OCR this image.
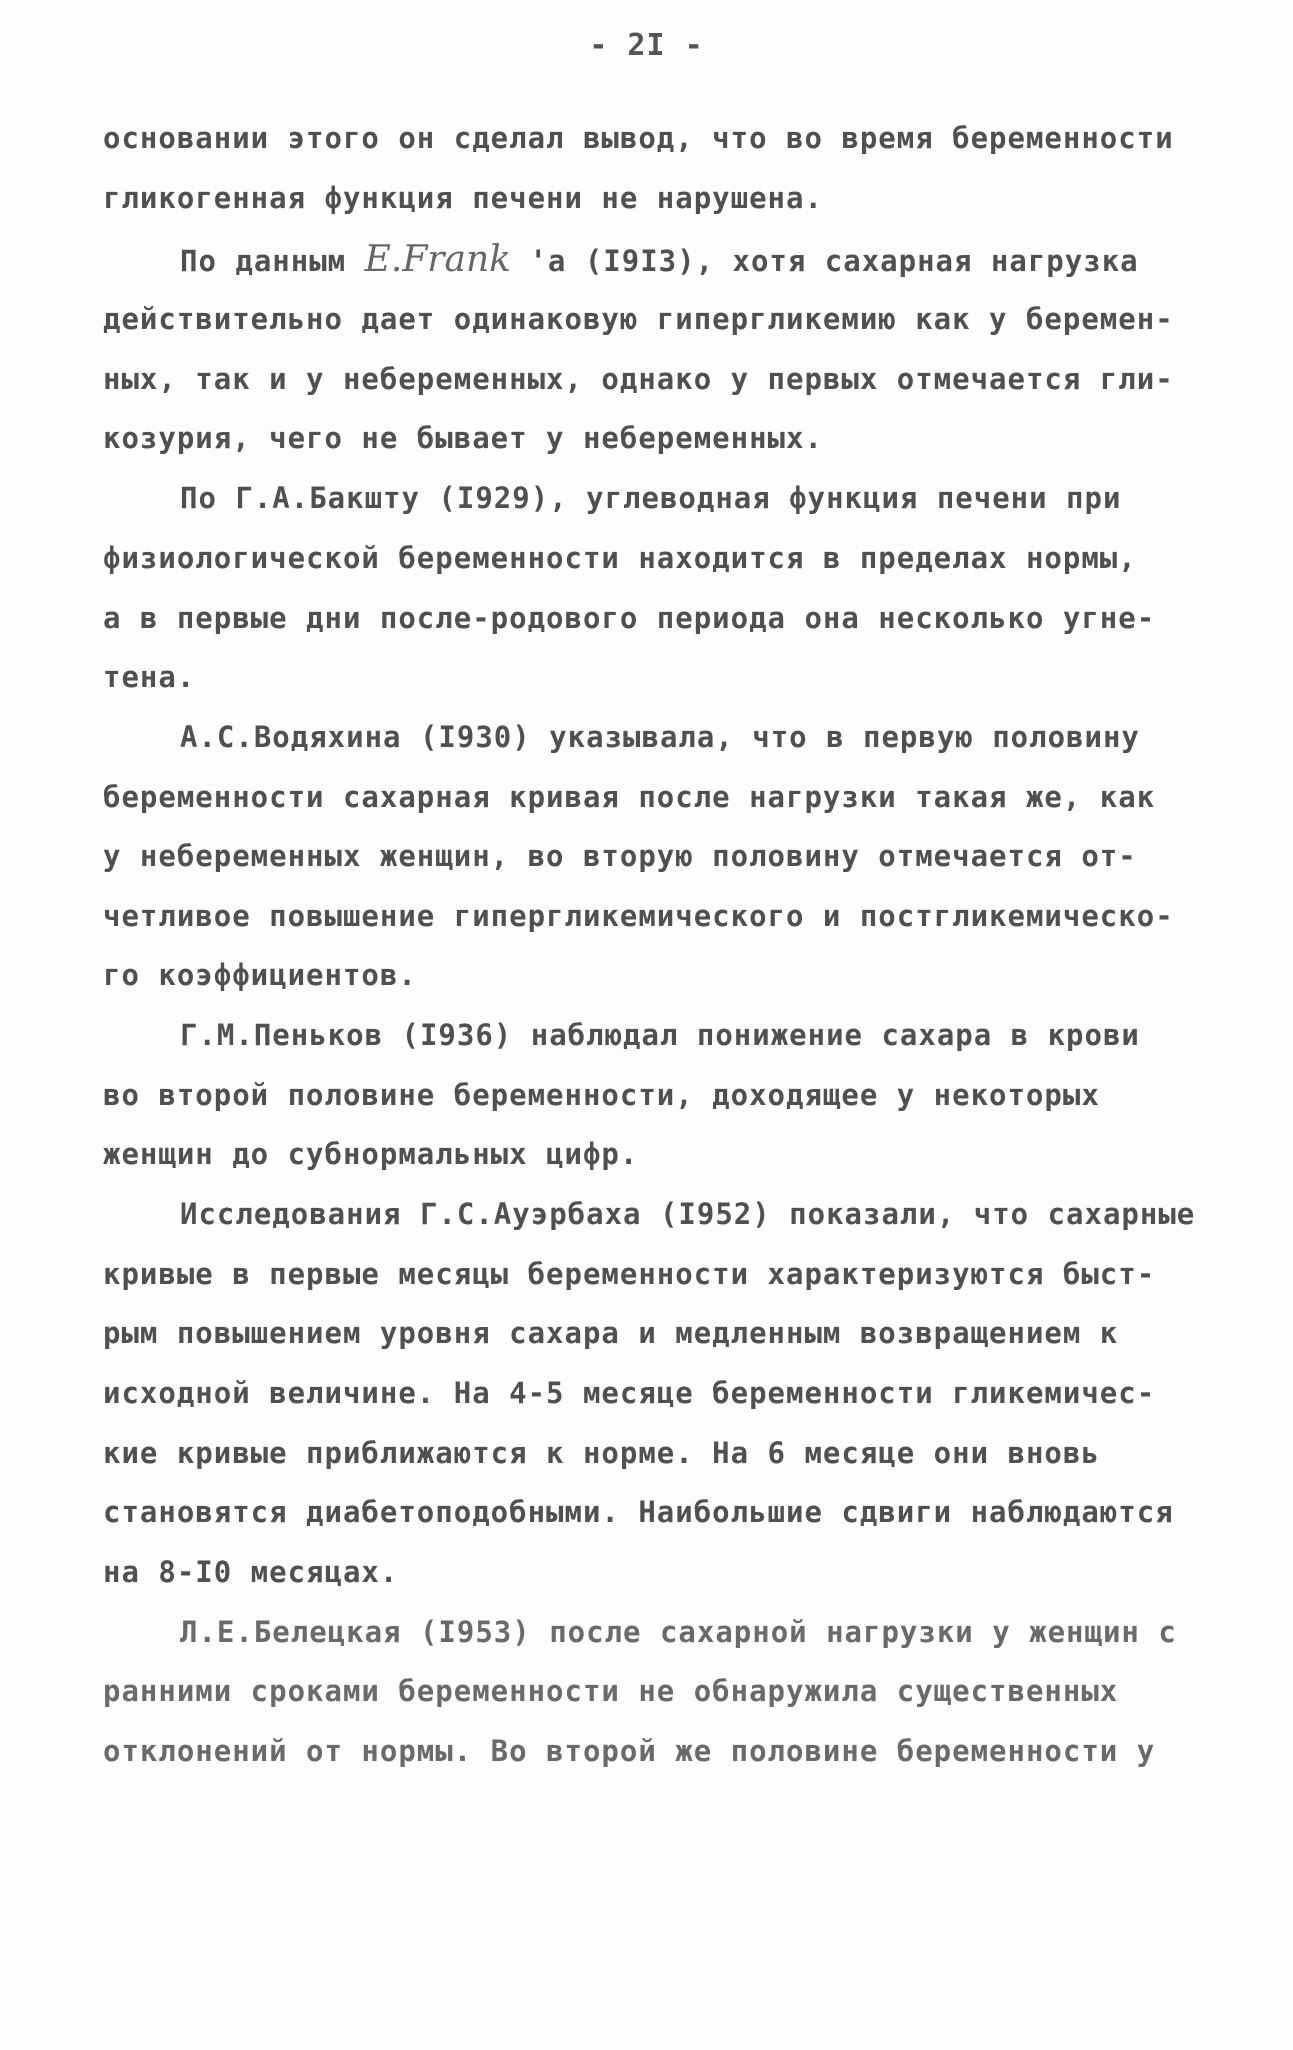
- 2I -
основании этого он сделал вывод, что во время беременности
гликогенная функция печени не нарушена.
По данным E.Frank 'а (I9I3), хотя сахарная нагрузка
действительно дает одинаковую гипергликемию как у беремен-
ных, так и у небеременных, однако у первых отмечается гли-
козурия, чего не бывает у небеременных.
По Г.А.Бакшту (I929), углеводная функция печени при
физиологической беременности находится в пределах нормы,
а в первые дни после-родового периода она несколько угне-
тена.
А.С.Водяхина (I930) указывала, что в первую половину
беременности сахарная кривая после нагрузки такая же, как
у небеременных женщин, во вторую половину отмечается от-
четливое повышение гипергликемического и постгликемическо-
го коэффициентов.
Г.М.Пеньков (I936) наблюдал понижение сахара в крови
во второй половине беременности, доходящее у некоторых
женщин до субнормальных цифр.
Исследования Г.С.Ауэрбаха (I952) показали, что сахарные
кривые в первые месяцы беременности характеризуются быст-
рым повышением уровня сахара и медленным возвращением к
исходной величине. На 4-5 месяце беременности гликемичес-
кие кривые приближаются к норме. На 6 месяце они вновь
становятся диабетоподобными. Наибольшие сдвиги наблюдаются
на 8-I0 месяцах.
Л.Е.Белецкая (I953) после сахарной нагрузки у женщин с
ранними сроками беременности не обнаружила существенных
отклонений от нормы. Во второй же половине беременности у
